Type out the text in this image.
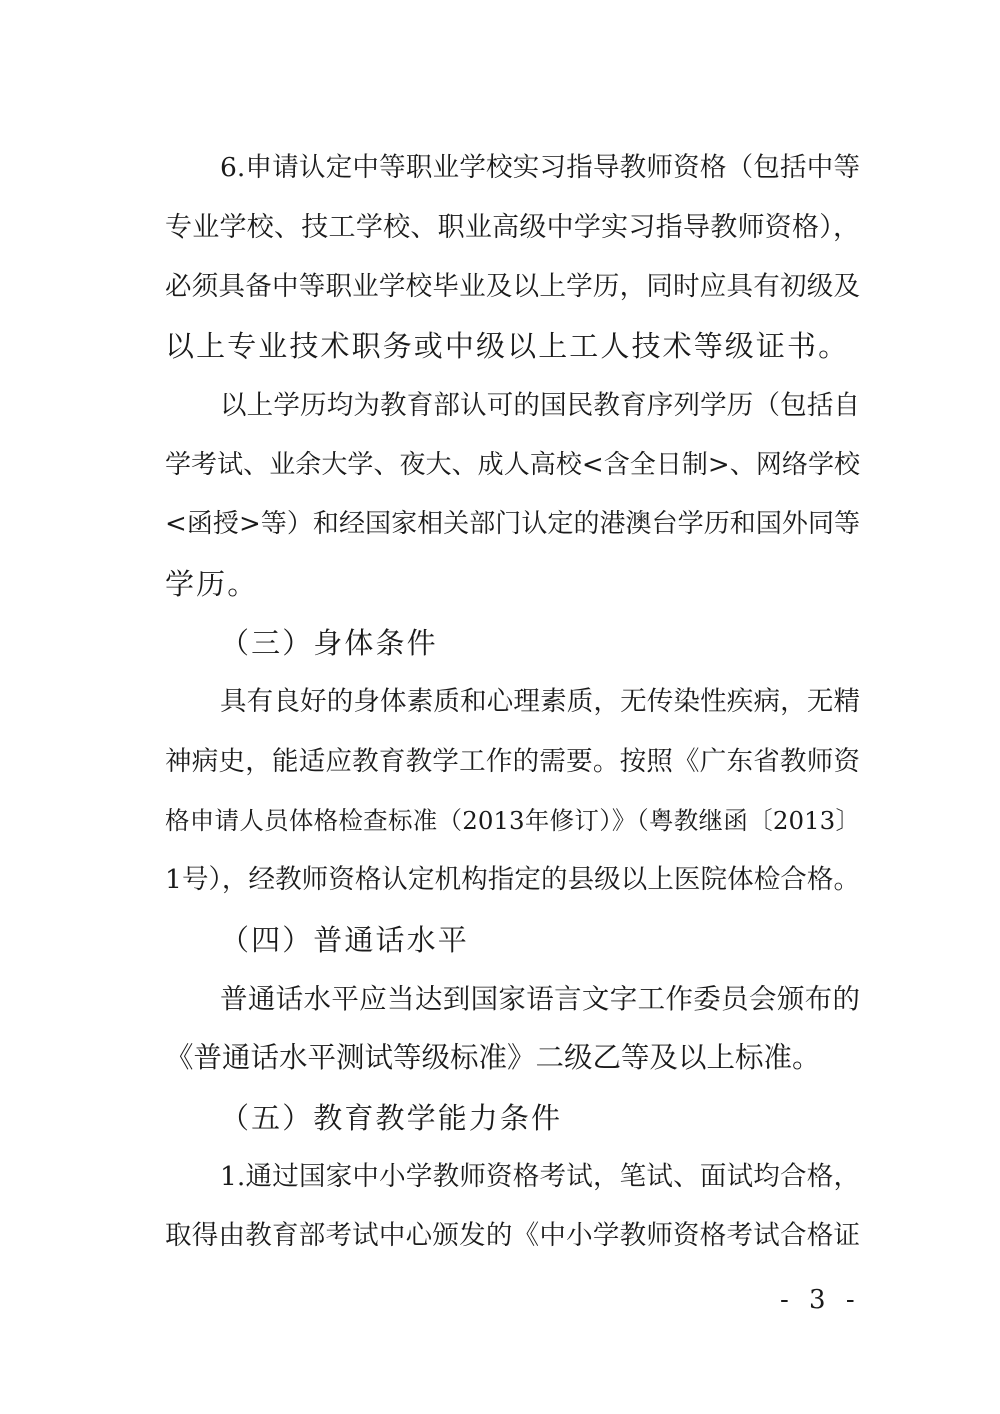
6.申请认定中等职业学校实习指导教师资格（包括中等
专业学校、技工学校、职业高级中学实习指导教师资格），
必须具备中等职业学校毕业及以上学历，同时应具有初级及
以上专业技术职务或中级以上工人技术等级证书。
以上学历均为教育部认可的国民教育序列学历（包括自
学考试、业余大学、夜大、成人高校<含全日制>、网络学校
<函授>等）和经国家相关部门认定的港澳台学历和国外同等
学历。
（三）身体条件
具有良好的身体素质和心理素质，无传染性疾病，无精
神病史，能适应教育教学工作的需要。按照《广东省教师资
格申请人员体格检查标准（2013年修订）》（粤教继函〔2013〕
1号），经教师资格认定机构指定的县级以上医院体检合格。
（四）普通话水平
普通话水平应当达到国家语言文字工作委员会颁布的
《普通话水平测试等级标准》二级乙等及以上标准。
（五）教育教学能力条件
1.通过国家中小学教师资格考试，笔试、面试均合格，
取得由教育部考试中心颁发的《中小学教师资格考试合格证
- 3 -
